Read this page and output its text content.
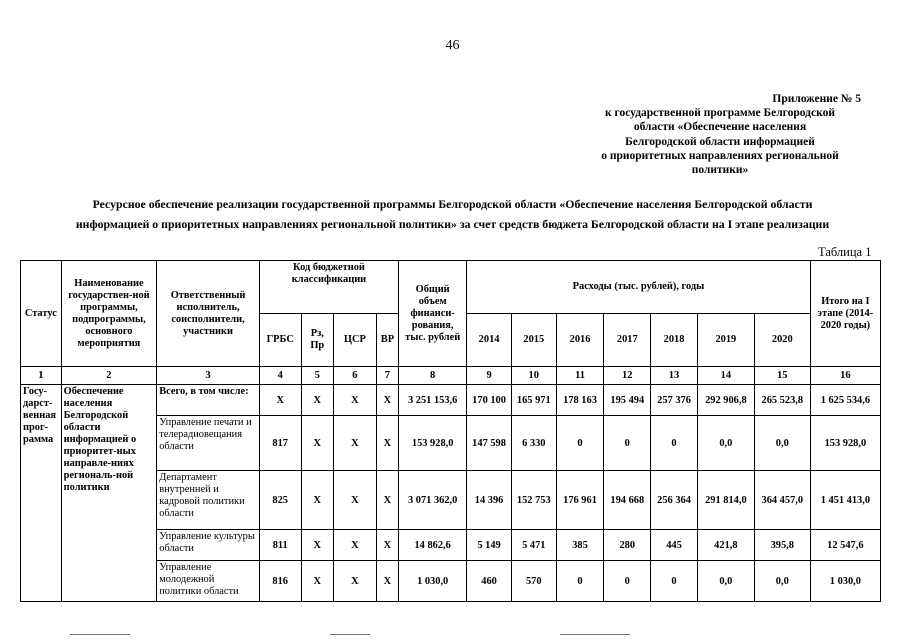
46
Приложение № 5
к государственной программе Белгородской
области «Обеспечение населения
Белгородской области информацией
о приоритетных направлениях региональной
политики»
Ресурсное обеспечение реализации государственной программы Белгородской области «Обеспечение населения Белгородской области
информацией о приоритетных направлениях региональной политики» за счет средств бюджета Белгородской области на I этапе реализации
Таблица 1
Статус	Наименование государствен-ной программы, подпрограммы, основного мероприятия	Ответственный исполнитель, соисполнители, участники	Код бюджетной классификации				Общий объем финанси-рования, тыс. рублей	Расходы (тыс. рублей), годы							Итого на I этапе (2014-2020 годы)
			ГРБС	Рз, Пр	ЦСР	ВР		2014	2015	2016	2017	2018	2019	2020	
1	2	3	4	5	6	7	8	9	10	11	12	13	14	15	16
Госу-дарст-венная прог-рамма	Обеспечение населения Белгородской области информацией о приоритет-ных направле-ниях региональ-ной политики	Всего, в том числе:	Х	Х	Х	Х	3 251 153,6	170 100	165 971	178 163	195 494	257 376	292 906,8	265 523,8	1 625 534,6
		Управление печати и телерадиовещания области	817	Х	Х	Х	153 928,0	147 598	6 330	0	0	0	0,0	0,0	153 928,0
		Департамент внутренней и кадровой политики области	825	Х	Х	Х	3 071 362,0	14 396	152 753	176 961	194 668	256 364	291 814,0	364 457,0	1 451 413,0
		Управление культуры области	811	Х	Х	Х	14 862,6	5 149	5 471	385	280	445	421,8	395,8	12 547,6
		Управление молодежной политики области	816	Х	Х	Х	1 030,0	460	570	0	0	0	0,0	0,0	1 030,0
